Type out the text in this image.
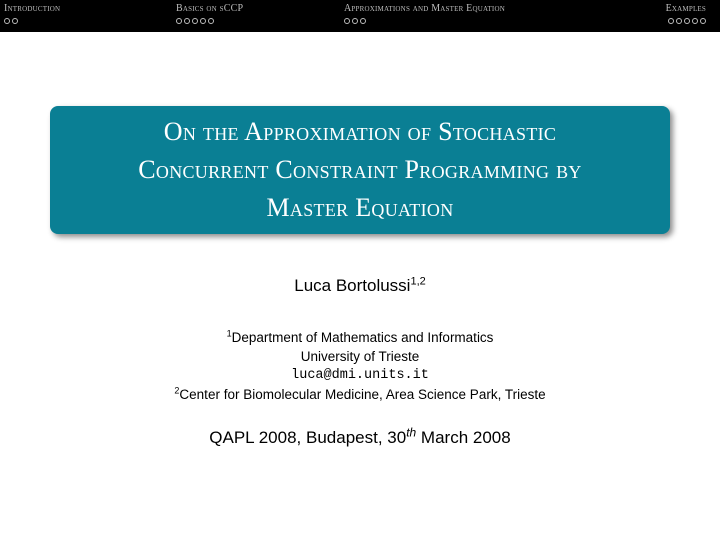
Introduction	Basics on sCCP	Approximations and Master Equation	Examples
On the Approximation of Stochastic
Concurrent Constraint Programming by
Master Equation
Luca Bortolussi$^{1,2}$
$^1$Department of Mathematics and Informatics
University of Trieste
luca@dmi.units.it
$^2$Center for Biomolecular Medicine, Area Science Park, Trieste
QAPL 2008, Budapest, 30th March 2008
